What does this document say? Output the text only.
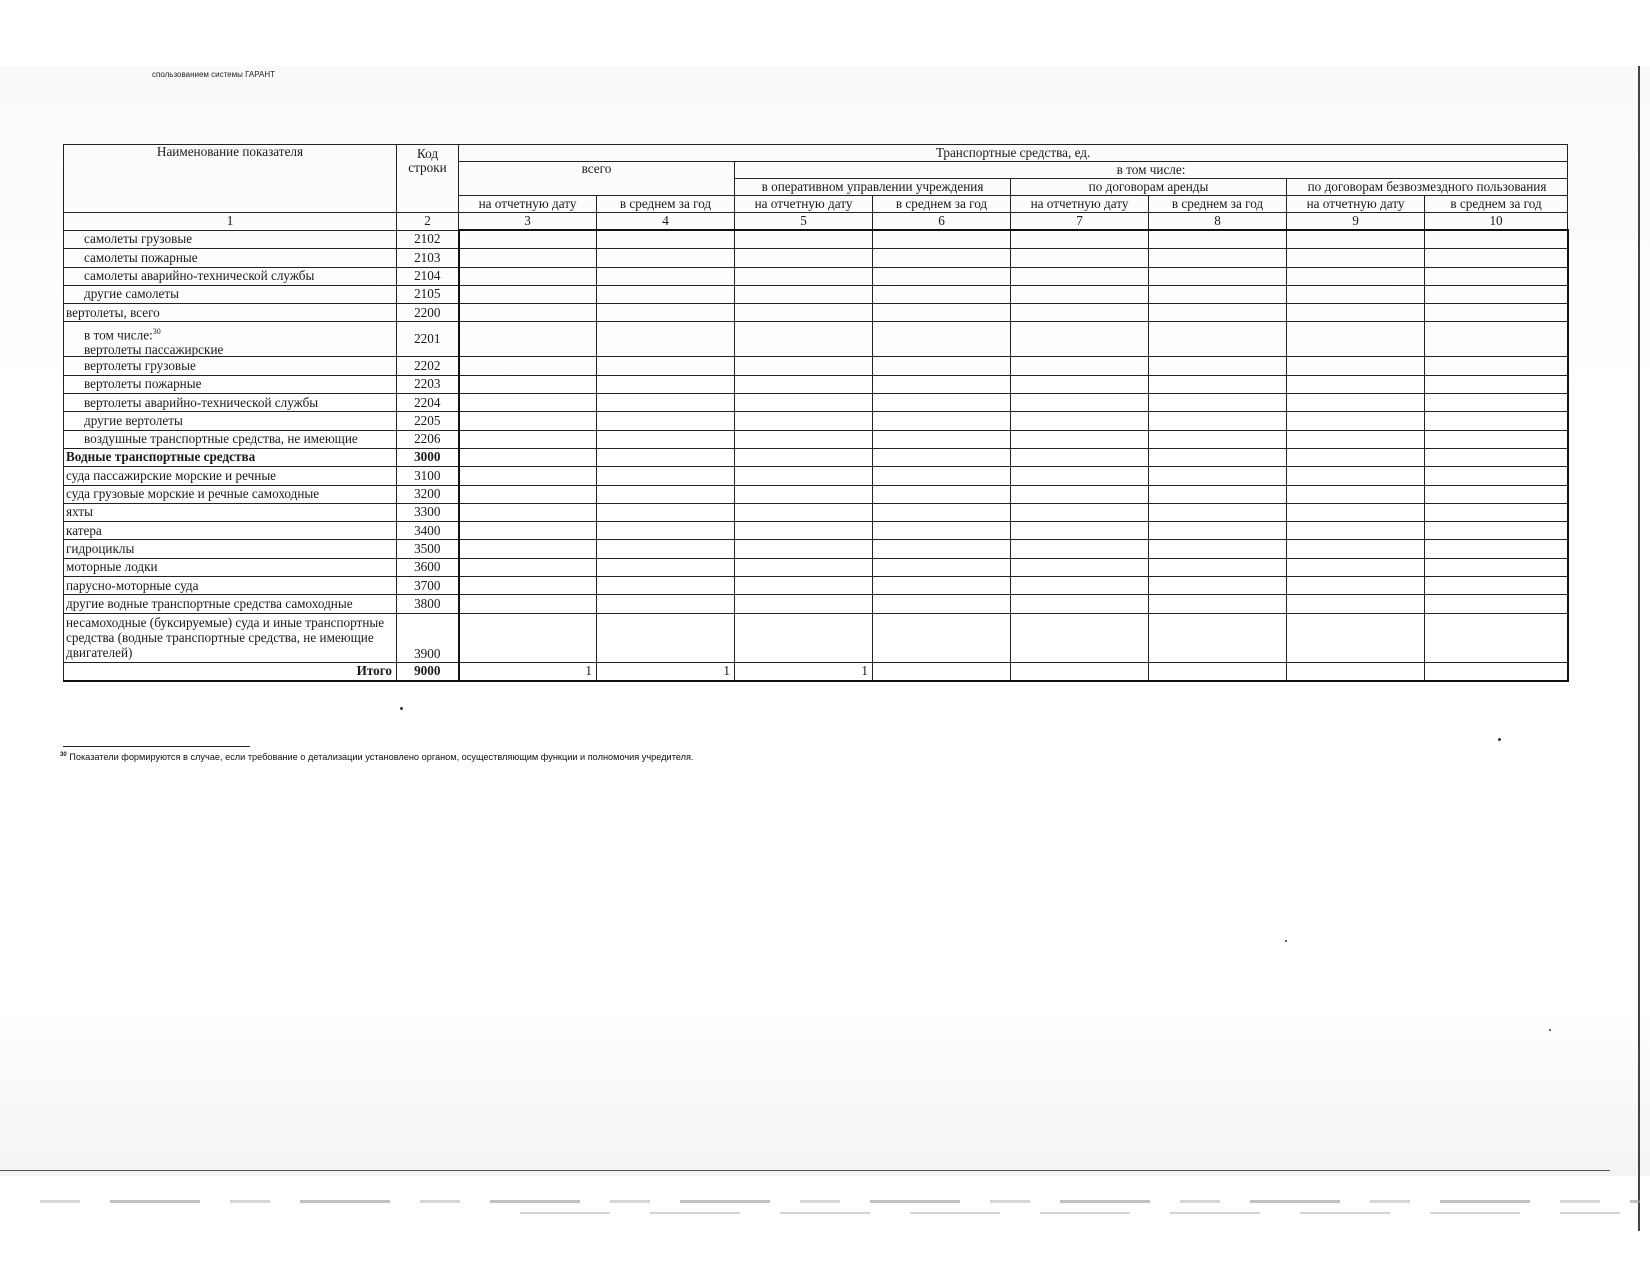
спользованием системы ГАРАНТ
Наименование показателя	Код строки	Транспортные средства, ед.							
		всего		в том числе:					
				в оперативном управлении учреждения		по договорам аренды		по договорам безвозмездного пользования	
		на отчетную дату	в среднем за год	на отчетную дату	в среднем за год	на отчетную дату	в среднем за год	на отчетную дату	в среднем за год
1	2	3	4	5	6	7	8	9	10
самолеты грузовые	2102								
самолеты пожарные	2103								
самолеты аварийно-технической службы	2104								
другие самолеты	2105								
вертолеты, всего	2200								
в том числе:$^{30}$
вертолеты пассажирские	2201								
вертолеты грузовые	2202								
вертолеты пожарные	2203								
вертолеты аварийно-технической службы	2204								
другие вертолеты	2205								
воздушные транспортные средства, не имеющие	2206								
Водные транспортные средства	3000								
суда пассажирские морские и речные	3100								
суда грузовые морские и речные самоходные	3200								
яхты	3300								
катера	3400								
гидроциклы	3500								
моторные лодки	3600								
парусно-моторные суда	3700								
другие водные транспортные средства самоходные	3800								
несамоходные (буксируемые) суда и иные транспортные средства (водные транспортные средства, не имеющие двигателей)	3900								
Итого	9000	1	1	1					
$^{30}$ Показатели формируются в случае, если требование о детализации установлено органом, осуществляющим функции и полномочия учредителя.
